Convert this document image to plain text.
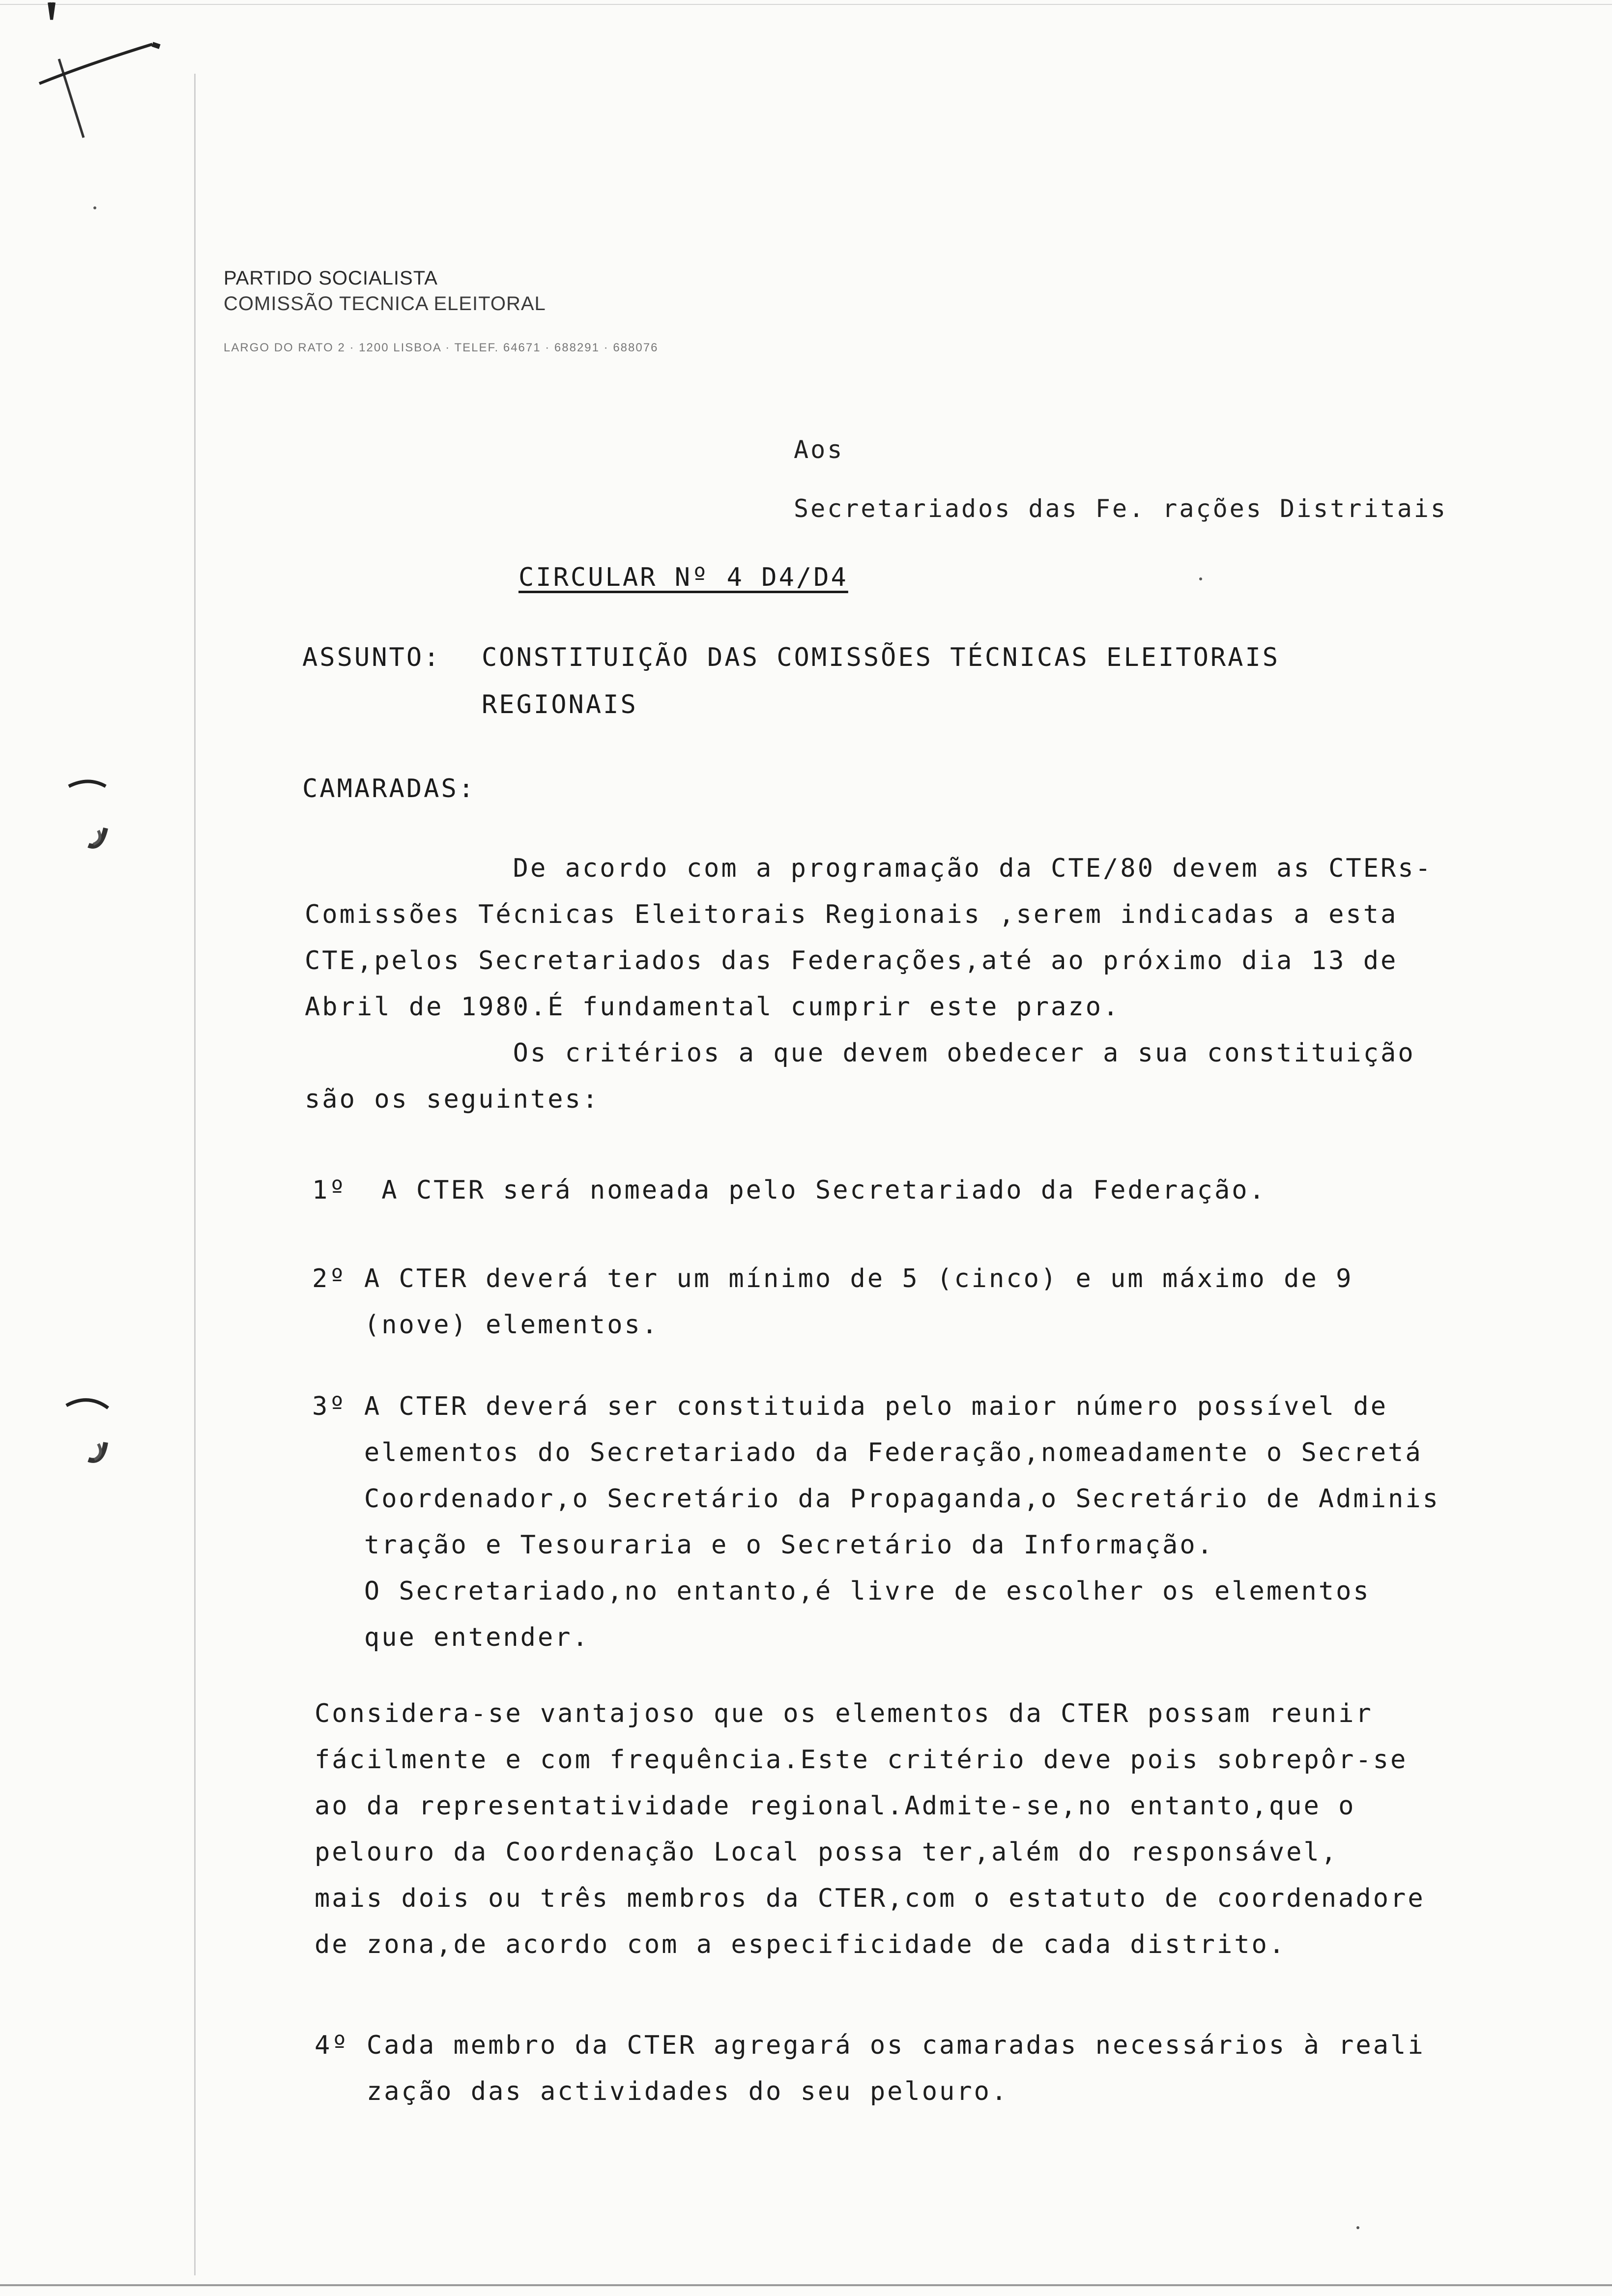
PARTIDO SOCIALISTA
COMISSÃO TECNICA ELEITORAL
LARGO DO RATO 2 · 1200 LISBOA · TELEF. 64671 · 688291 · 688076
Aos
Secretariados das Fe. rações Distritais
CIRCULAR Nº 4 D4/D4
ASSUNTO: CONSTITUIÇÃO DAS COMISSÕES TÉCNICAS ELEITORAIS
REGIONAIS
CAMARADAS:
De acordo com a programação da CTE/80 devem as CTERs-
Comissões Técnicas Eleitorais Regionais ,serem indicadas a esta
CTE,pelos Secretariados das Federações,até ao próximo dia 13 de
Abril de 1980.É fundamental cumprir este prazo.
Os critérios a que devem obedecer a sua constituição
são os seguintes:
1º  A CTER será nomeada pelo Secretariado da Federação.
2º A CTER deverá ter um mínimo de 5 (cinco) e um máximo de 9
(nove) elementos.
3º A CTER deverá ser constituida pelo maior número possível de
elementos do Secretariado da Federação,nomeadamente o Secretá
Coordenador,o Secretário da Propaganda,o Secretário de Adminis
tração e Tesouraria e o Secretário da Informação.
O Secretariado,no entanto,é livre de escolher os elementos
que entender.
Considera-se vantajoso que os elementos da CTER possam reunir
fácilmente e com frequência.Este critério deve pois sobrepôr-se
ao da representatividade regional.Admite-se,no entanto,que o
pelouro da Coordenação Local possa ter,além do responsável,
mais dois ou três membros da CTER,com o estatuto de coordenadore
de zona,de acordo com a especificidade de cada distrito.
4º Cada membro da CTER agregará os camaradas necessários à reali
zação das actividades do seu pelouro.
